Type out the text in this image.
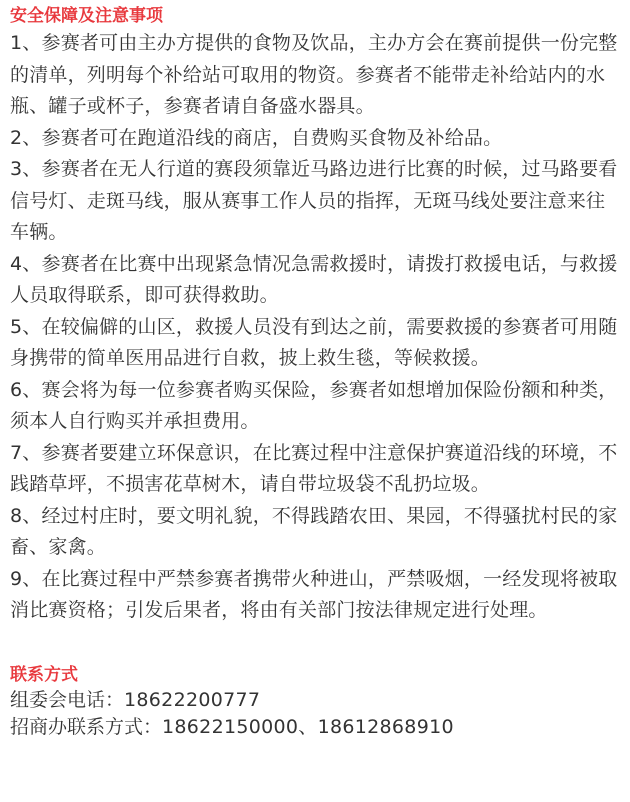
安全保障及注意事项

1、参赛者可由主办方提供的食物及饮品，主办方会在赛前提供一份完整的清单，列明每个补给站可取用的物资。参赛者不能带走补给站内的水瓶、罐子或杯子，参赛者请自备盛水器具。

2、参赛者可在跑道沿线的商店，自费购买食物及补给品。

3、参赛者在无人行道的赛段须靠近马路边进行比赛的时候，过马路要看信号灯、走斑马线，服从赛事工作人员的指挥，无斑马线处要注意来往车辆。

4、参赛者在比赛中出现紧急情况急需救援时，请拨打救援电话，与救援人员取得联系，即可获得救助。

5、在较偏僻的山区，救援人员没有到达之前，需要救援的参赛者可用随身携带的简单医用品进行自救，披上救生毯，等候救援。

6、赛会将为每一位参赛者购买保险，参赛者如想增加保险份额和种类，须本人自行购买并承担费用。

7、参赛者要建立环保意识，在比赛过程中注意保护赛道沿线的环境，不践踏草坪，不损害花草树木，请自带垃圾袋不乱扔垃圾。

8、经过村庄时，要文明礼貌，不得践踏农田、果园，不得骚扰村民的家畜、家禽。

9、在比赛过程中严禁参赛者携带火种进山，严禁吸烟，一经发现将被取消比赛资格；引发后果者，将由有关部门按法律规定进行处理。

联系方式

组委会电话：18622200777

招商办联系方式：18622150000、18612868910
